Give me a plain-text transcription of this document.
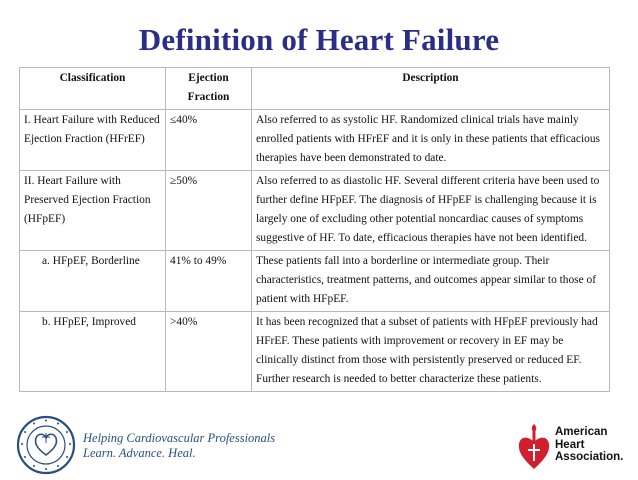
Definition of Heart Failure
Classification	Ejection Fraction	Description
I. Heart Failure with Reduced Ejection Fraction (HFrEF)	≤40%	Also referred to as systolic HF. Randomized clinical trials have mainly enrolled patients with HFrEF and it is only in these patients that efficacious therapies have been demonstrated to date.
II. Heart Failure with Preserved Ejection Fraction (HFpEF)	≥50%	Also referred to as diastolic HF. Several different criteria have been used to further define HFpEF. The diagnosis of HFpEF is challenging because it is largely one of excluding other potential noncardiac causes of symptoms suggestive of HF. To date, efficacious therapies have not been identified.
a. HFpEF, Borderline	41% to 49%	These patients fall into a borderline or intermediate group. Their characteristics, treatment patterns, and outcomes appear similar to those of patient with HFpEF.
b. HFpEF, Improved	>40%	It has been recognized that a subset of patients with HFpEF previously had HFrEF. These patients with improvement or recovery in EF may be clinically distinct from those with persistently preserved or reduced EF. Further research is needed to better characterize these patients.
Helping Cardiovascular Professionals
Learn. Advance. Heal.
American
Heart
Association.
